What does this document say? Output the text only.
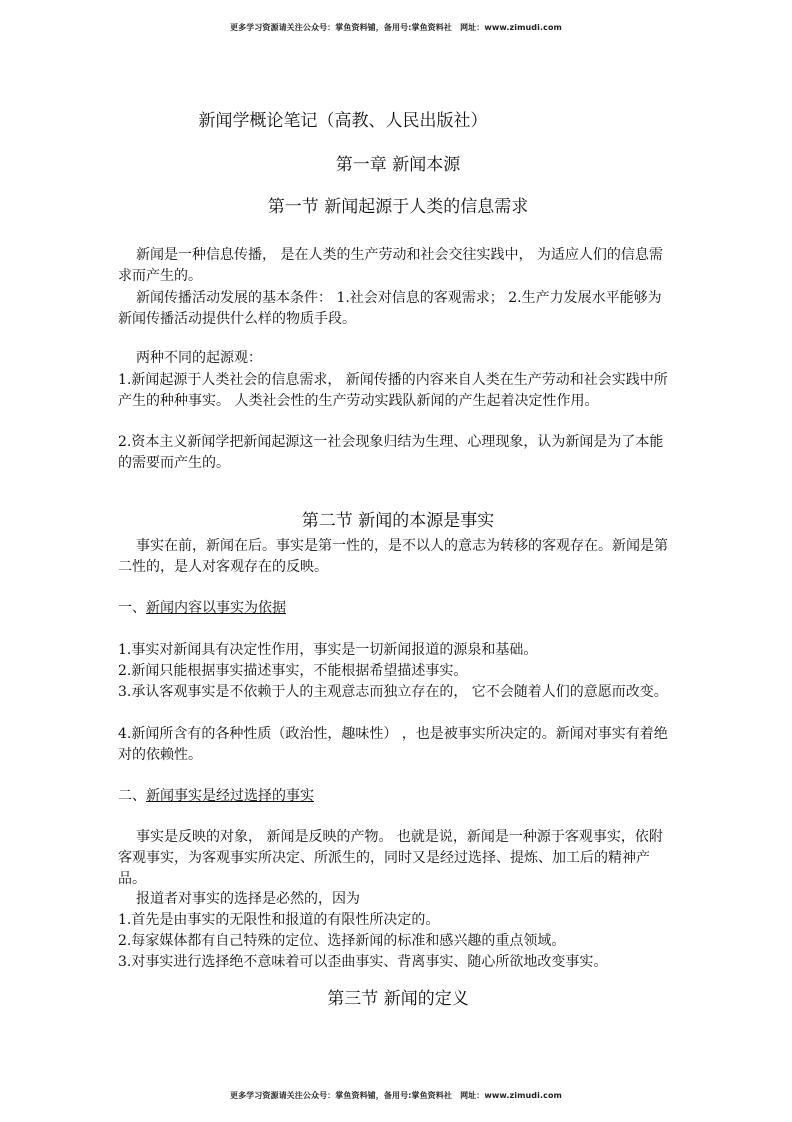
更多学习资源请关注公众号：掌鱼资料铺，备用号:掌鱼资料社　网址：www.zimudi.com
新闻学概论笔记（高教、人民出版社）
第一章 新闻本源
第一节 新闻起源于人类的信息需求

新闻是一种信息传播， 是在人类的生产劳动和社会交往实践中， 为适应人们的信息需求而产生的。

新闻传播活动发展的基本条件： 1.社会对信息的客观需求； 2.生产力发展水平能够为新闻传播活动提供什么样的物质手段。

两种不同的起源观：

1.新闻起源于人类社会的信息需求， 新闻传播的内容来自人类在生产劳动和社会实践中所产生的种种事实。 人类社会性的生产劳动实践队新闻的产生起着决定性作用。

2.资本主义新闻学把新闻起源这一社会现象归结为生理、心理现象，认为新闻是为了本能的需要而产生的。

第二节 新闻的本源是事实

事实在前，新闻在后。事实是第一性的，是不以人的意志为转移的客观存在。新闻是第二性的，是人对客观存在的反映。

一、新闻内容以事实为依据

1.事实对新闻具有决定性作用，事实是一切新闻报道的源泉和基础。

2.新闻只能根据事实描述事实，不能根据希望描述事实。

3.承认客观事实是不依赖于人的主观意志而独立存在的， 它不会随着人们的意愿而改变。

4.新闻所含有的各种性质（政治性，趣味性） ，也是被事实所决定的。新闻对事实有着绝对的依赖性。

二、新闻事实是经过选择的事实

事实是反映的对象， 新闻是反映的产物。 也就是说，新闻是一种源于客观事实，依附客观事实，为客观事实所决定、所派生的，同时又是经过选择、提炼、加工后的精神产品。

报道者对事实的选择是必然的，因为

1.首先是由事实的无限性和报道的有限性所决定的。

2.每家媒体都有自己特殊的定位、选择新闻的标准和感兴趣的重点领域。

3.对事实进行选择绝不意味着可以歪曲事实、背离事实、随心所欲地改变事实。

第三节 新闻的定义
更多学习资源请关注公众号：掌鱼资料铺，备用号:掌鱼资料社　网址：www.zimudi.com
